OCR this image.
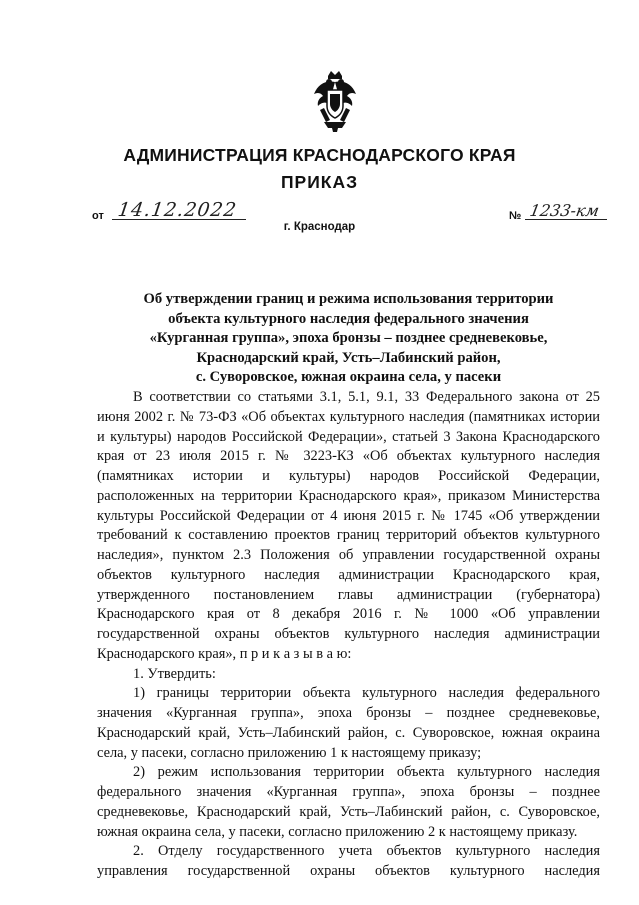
АДМИНИСТРАЦИЯ КРАСНОДАРСКОГО КРАЯ
ПРИКАЗ
от 14.12.2022	№ 1233-км
г. Краснодар
Об утверждении границ и режима использования территории
объекта культурного наследия федерального значения
«Курганная группа», эпоха бронзы – позднее средневековье,
Краснодарский край, Усть–Лабинский район,
с. Суворовское, южная окраина села, у пасеки

В соответствии со статьями 3.1, 5.1, 9.1, 33 Федерального закона от 25 июня 2002 г. № 73-ФЗ «Об объектах культурного наследия (памятниках истории и культуры) народов Российской Федерации», статьей 3 Закона Краснодарского края от 23 июля 2015 г. № 3223-КЗ «Об объектах культурного наследия (памятниках истории и культуры) народов Российской Федерации, расположенных на территории Краснодарского края», приказом Министерства культуры Российской Федерации от 4 июня 2015 г. № 1745 «Об утверждении требований к составлению проектов границ территорий объектов культурного наследия», пунктом 2.3 Положения об управлении государственной охраны объектов культурного наследия администрации Краснодарского края, утвержденного постановлением главы администрации (губернатора) Краснодарского края от 8 декабря 2016 г. № 1000 «Об управлении государственной охраны объектов культурного наследия администрации Краснодарского края», п р и к а з ы в а ю:

1. Утвердить:

1) границы территории объекта культурного наследия федерального значения «Курганная группа», эпоха бронзы – позднее средневековье, Краснодарский край, Усть–Лабинский район, с. Суворовское, южная окраина села, у пасеки, согласно приложению 1 к настоящему приказу;

2) режим использования территории объекта культурного наследия федерального значения «Курганная группа», эпоха бронзы – позднее средневековье, Краснодарский край, Усть–Лабинский район, с. Суворовское, южная окраина села, у пасеки, согласно приложению 2 к настоящему приказу.

2. Отделу государственного учета объектов культурного наследия управления государственной охраны объектов культурного наследия
